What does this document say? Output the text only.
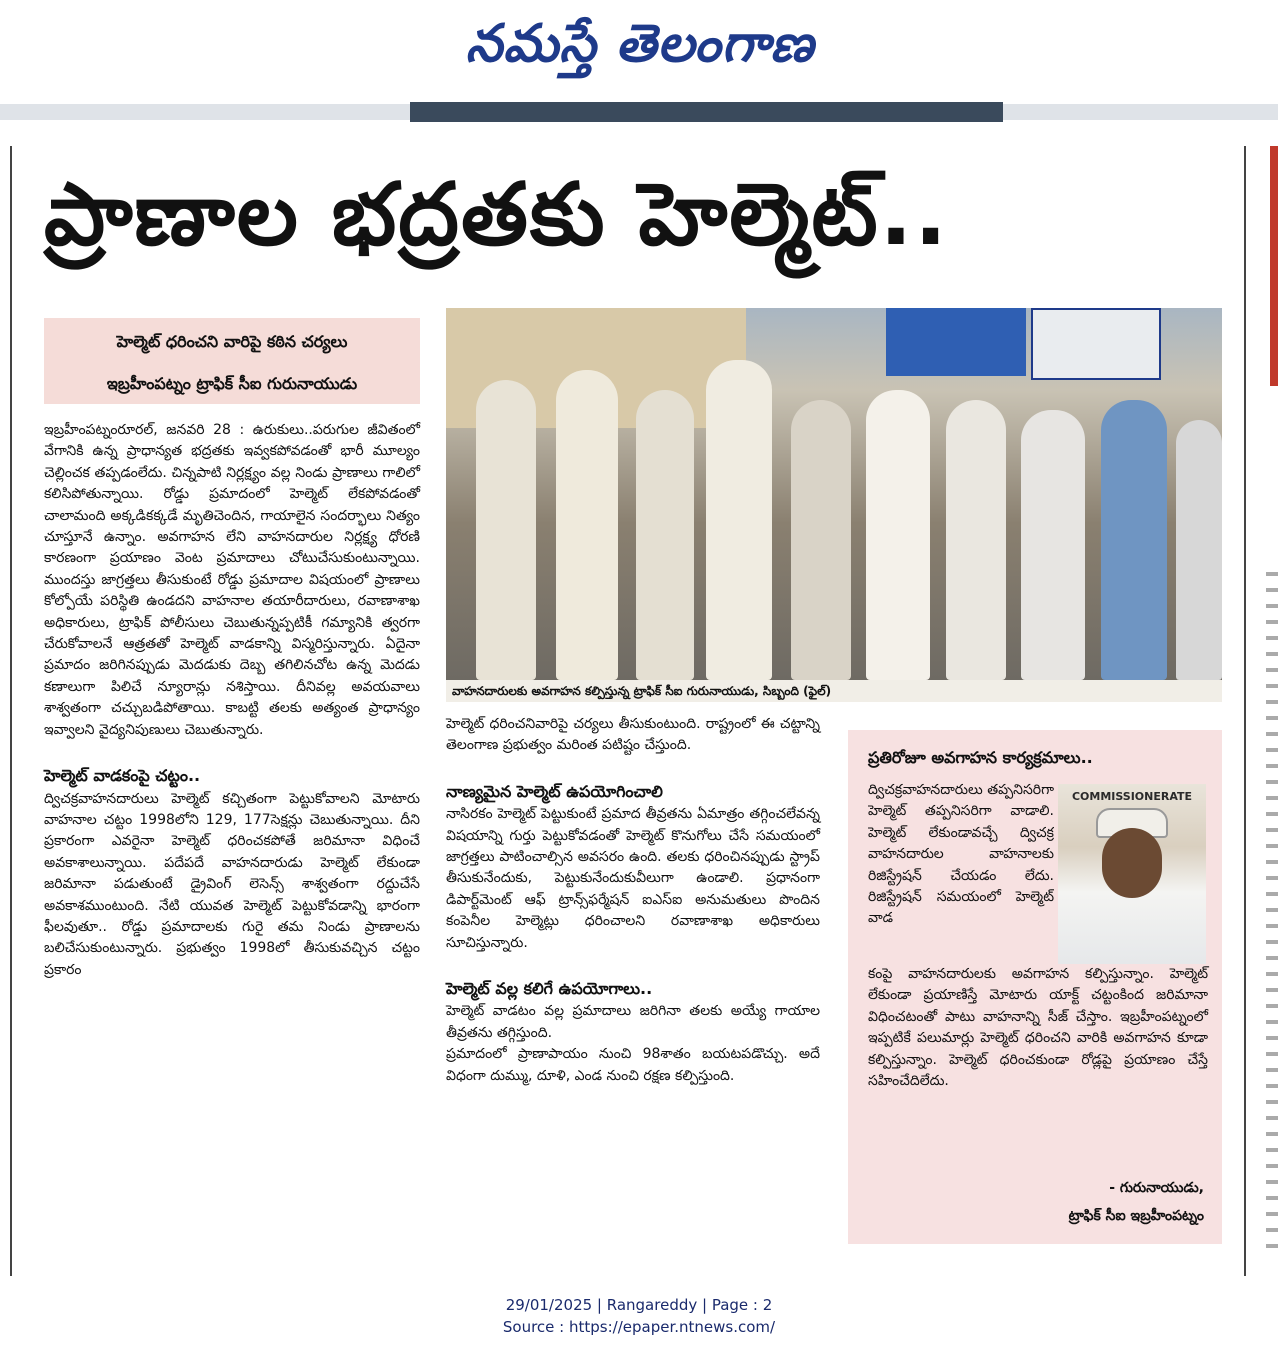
నమస్తే తెలంగాణ
ప్రాణాల భద్రతకు హెల్మెట్..
హెల్మెట్ ధరించని వారిపై కఠిన చర్యలు
ఇబ్రహీంపట్నం ట్రాఫిక్ సీఐ గురునాయుడు
వాహనదారులకు అవగాహన కల్పిస్తున్న ట్రాఫిక్ సీఐ గురునాయుడు, సిబ్బంది (ఫైల్)

ఇబ్రహీంపట్నంరూరల్, జనవరి 28 : ఉరుకులు..పరుగుల జీవితంలో వేగానికి ఉన్న ప్రాధాన్యత భద్రతకు ఇవ్వకపోవడంతో భారీ మూల్యం చెల్లించక తప్పడంలేదు. చిన్నపాటి నిర్లక్ష్యం వల్ల నిండు ప్రాణాలు గాలిలో కలిసిపోతున్నాయి. రోడ్డు ప్రమాదంలో హెల్మెట్ లేకపోవడంతో చాలామంది అక్కడికక్కడే మృతిచెందిన, గాయాలైన సందర్భాలు నిత్యం చూస్తూనే ఉన్నాం. అవగాహన లేని వాహనదారుల నిర్లక్ష్య ధోరణి కారణంగా ప్రయాణం వెంట ప్రమాదాలు చోటుచేసుకుంటున్నాయి. ముందస్తు జాగ్రత్తలు తీసుకుంటే రోడ్డు ప్రమాదాల విషయంలో ప్రాణాలు కోల్పోయే పరిస్థితి ఉండదని వాహనాల తయారీదారులు, రవాణాశాఖ అధికారులు, ట్రాఫిక్ పోలీసులు చెబుతున్నప్పటికీ గమ్యానికి త్వరగా చేరుకోవాలనే ఆత్రతతో హెల్మెట్ వాడకాన్ని విస్మరిస్తున్నారు. ఏదైనా ప్రమాదం జరిగినప్పుడు మెదడుకు దెబ్బ తగిలినచోట ఉన్న మెదడు కణాలుగా పిలిచే న్యూరాన్లు నశిస్తాయి. దీనివల్ల అవయవాలు శాశ్వతంగా చచ్చుబడిపోతాయి. కాబట్టి తలకు అత్యంత ప్రాధాన్యం ఇవ్వాలని వైద్యనిపుణులు చెబుతున్నారు.

హెల్మెట్ వాడకంపై చట్టం..

ద్విచక్రవాహనదారులు హెల్మెట్ కచ్చితంగా పెట్టుకోవాలని మోటారు వాహనాల చట్టం 1998లోని 129, 177సెక్షన్లు చెబుతున్నాయి. దీని ప్రకారంగా ఎవరైనా హెల్మెట్ ధరించకపోతే జరిమానా విధించే అవకాశాలున్నాయి. పదేపదే వాహనదారుడు హెల్మెట్ లేకుండా జరిమానా పడుతుంటే డ్రైవింగ్ లెసెన్స్ శాశ్వతంగా రద్దుచేసే అవకాశముంటుంది. నేటి యువత హెల్మెట్ పెట్టుకోవడాన్ని భారంగా ఫీలవుతూ.. రోడ్డు ప్రమాదాలకు గురై తమ నిండు ప్రాణాలను బలిచేసుకుంటున్నారు. ప్రభుత్వం 1998లో తీసుకువచ్చిన చట్టం ప్రకారం

హెల్మెట్ ధరించనివారిపై చర్యలు తీసుకుంటుంది. రాష్ట్రంలో ఈ చట్టాన్ని తెలంగాణ ప్రభుత్వం మరింత పటిష్టం చేస్తుంది.

నాణ్యమైన హెల్మెట్ ఉపయోగించాలి

నాసిరకం హెల్మెట్ పెట్టుకుంటే ప్రమాద తీవ్రతను ఏమాత్రం తగ్గించలేవన్న విషయాన్ని గుర్తు పెట్టుకోవడంతో హెల్మెట్ కొనుగోలు చేసే సమయంలో జాగ్రత్తలు పాటించాల్సిన అవసరం ఉంది. తలకు ధరించినప్పుడు స్ట్రాప్ తీసుకునేందుకు, పెట్టుకునేందుకువీలుగా ఉండాలి. ప్రధానంగా డిపార్ట్‌మెంట్ ఆఫ్ ట్రాన్స్‌ఫర్మేషన్ ఐఎస్ఐ అనుమతులు పొందిన కంపెనీల హెల్మెట్లు ధరించాలని రవాణాశాఖ అధికారులు సూచిస్తున్నారు.

హెల్మెట్ వల్ల కలిగే ఉపయోగాలు..

హెల్మెట్ వాడటం వల్ల ప్రమాదాలు జరిగినా తలకు అయ్యే గాయాల తీవ్రతను తగ్గిస్తుంది.

ప్రమాదంలో ప్రాణాపాయం నుంచి 98శాతం బయటపడొచ్చు. అదే విధంగా దుమ్ము, దూళి, ఎండ నుంచి రక్షణ కల్పిస్తుంది.

ప్రతిరోజూ అవగాహన కార్యక్రమాలు..
COMMISSIONERATE

ద్విచక్రవాహనదారులు తప్పనిసరిగా హెల్మెట్ తప్పనిసరిగా వాడాలి. హెల్మెట్ లేకుండావచ్చే ద్విచక్ర వాహనదారుల వాహనాలకు రిజిస్ట్రేషన్ చేయడం లేదు. రిజిస్ట్రేషన్ సమయంలో హెల్మెట్ వాడ

కంపై వాహనదారులకు అవగాహన కల్పిస్తున్నాం. హెల్మెట్ లేకుండా ప్రయాణిస్తే మోటారు యాక్ట్ చట్టంకింద జరిమానా విధించటంతో పాటు వాహనాన్ని సీజ్ చేస్తాం. ఇబ్రహీంపట్నంలో ఇప్పటికే పలుమార్లు హెల్మెట్ ధరించని వారికి అవగాహన కూడా కల్పిస్తున్నాం. హెల్మెట్ ధరించకుండా రోడ్లపై ప్రయాణం చేస్తే సహించేదిలేదు.

- గురునాయుడు,
ట్రాఫిక్ సీఐ ఇబ్రహీంపట్నం
29/01/2025 | Rangareddy | Page : 2
Source : https://epaper.ntnews.com/
